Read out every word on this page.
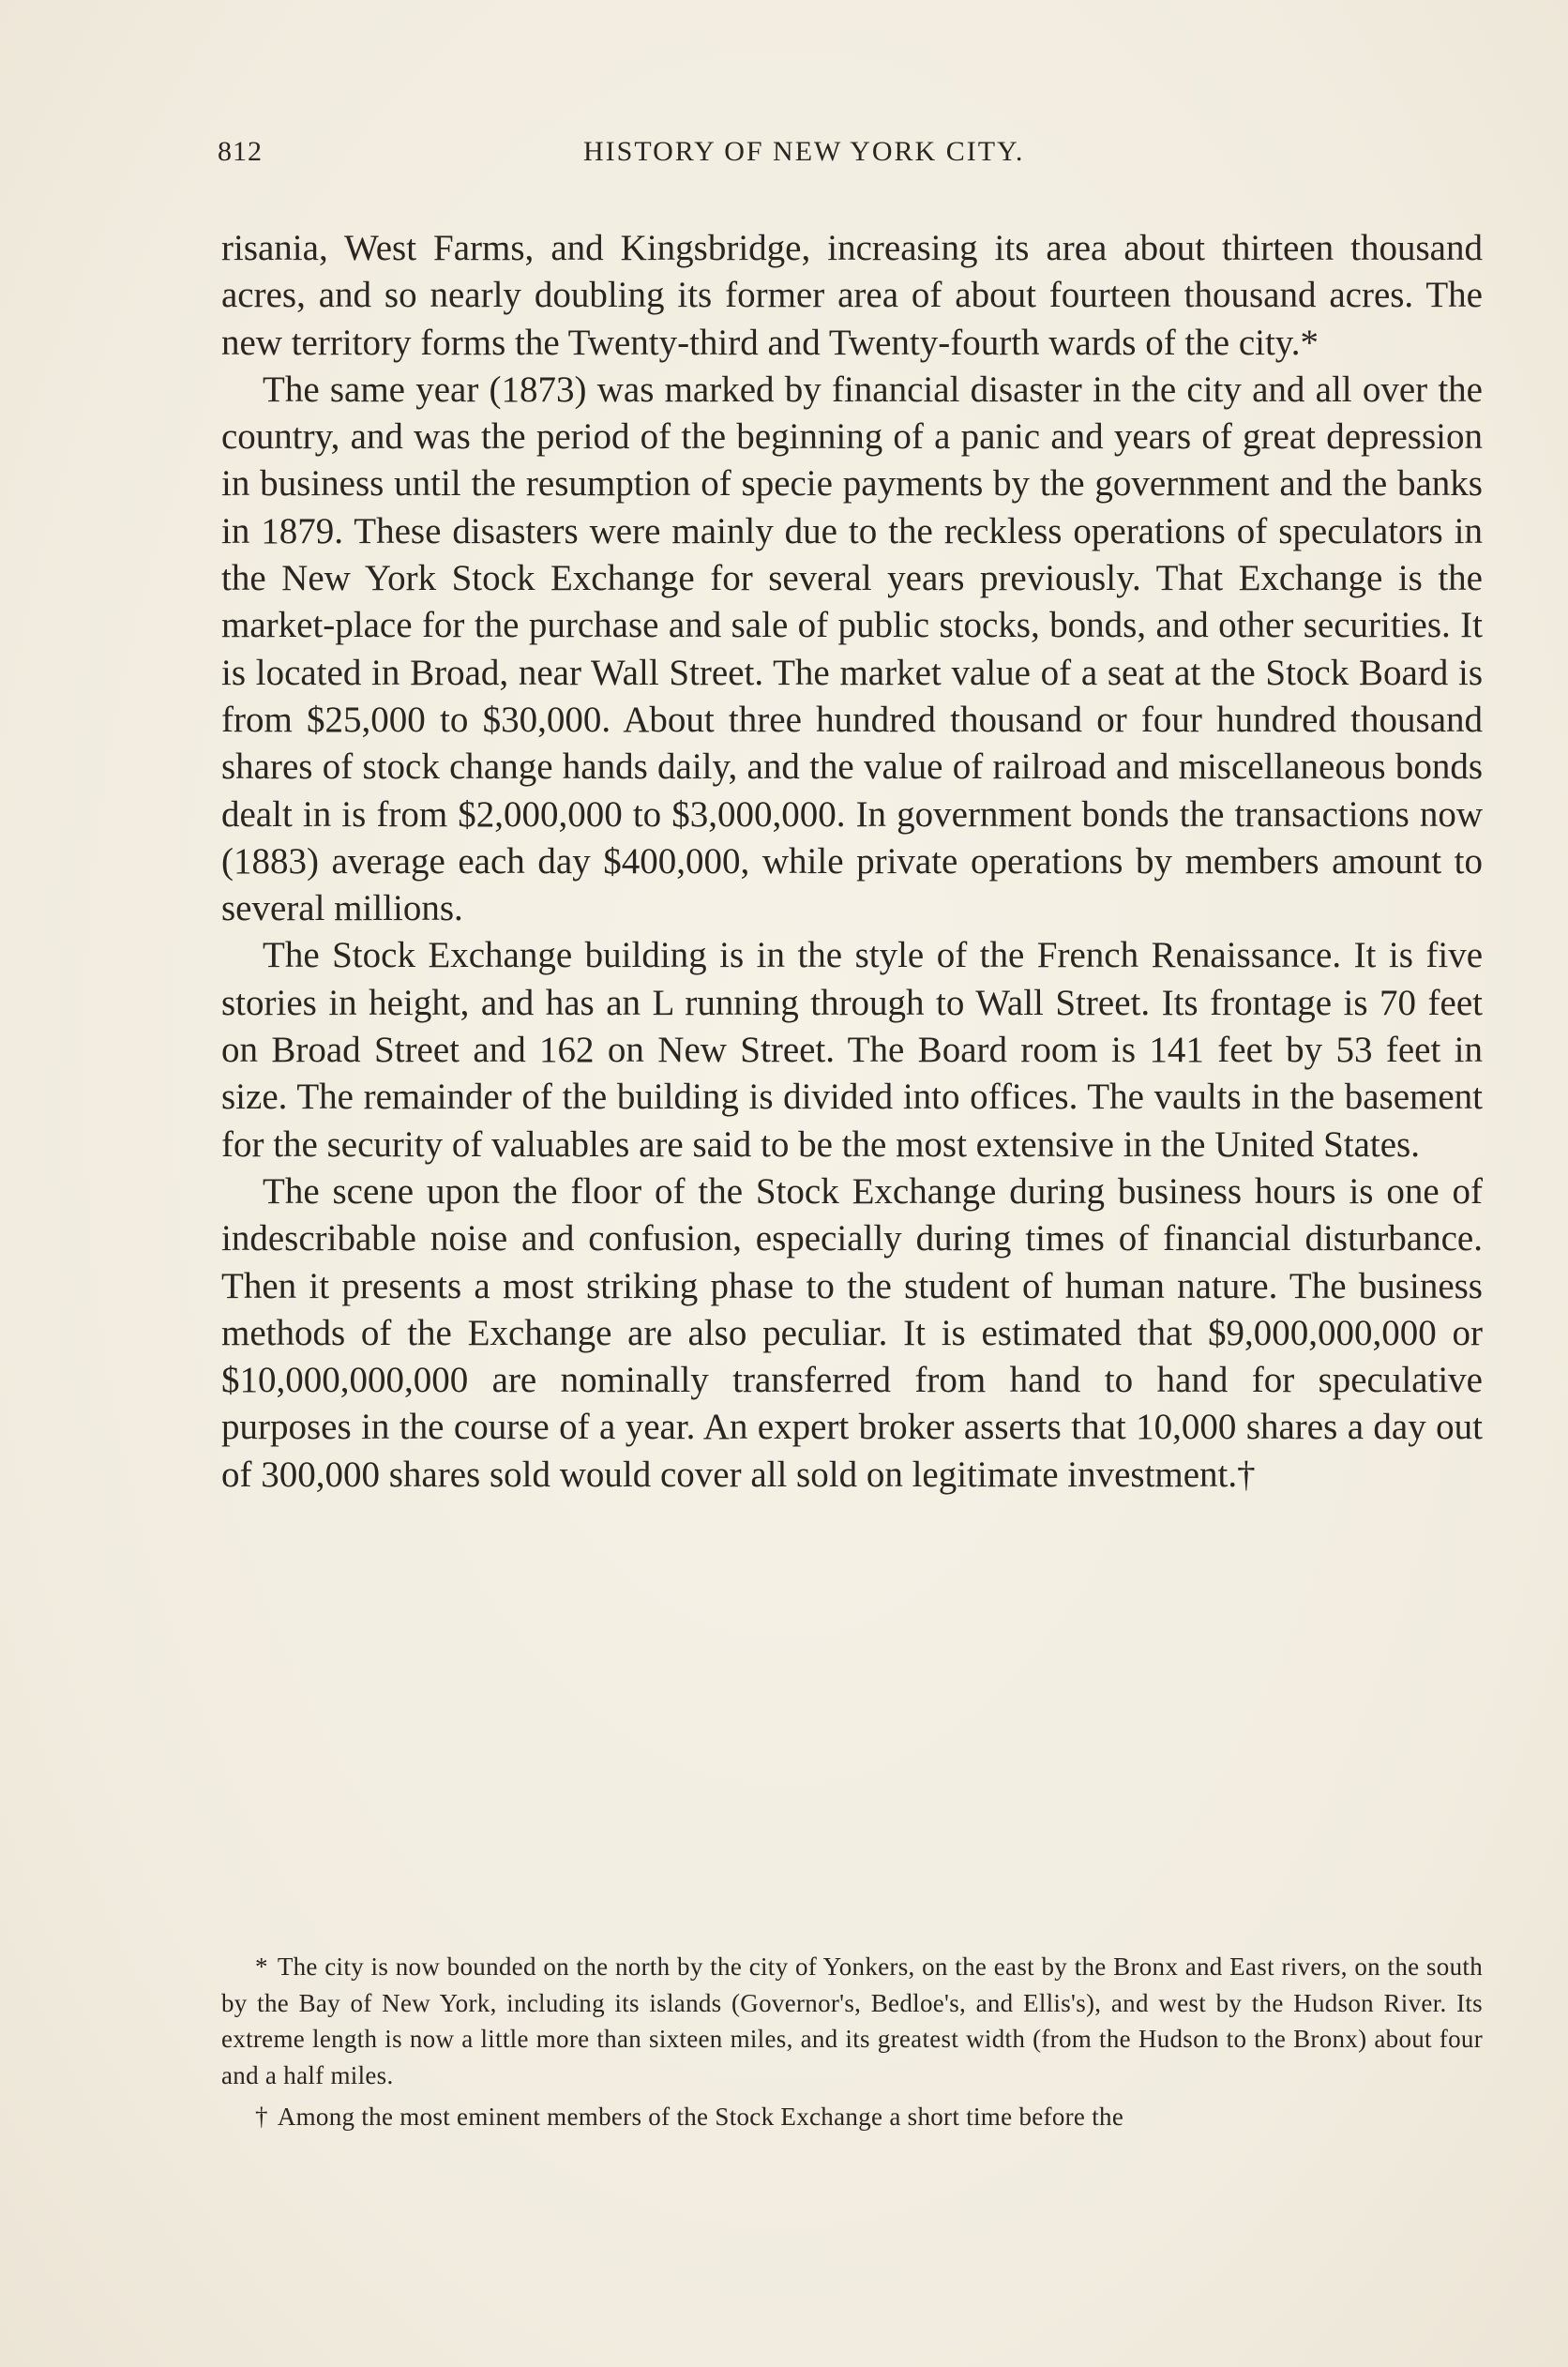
812	HISTORY OF NEW YORK CITY.

risania, West Farms, and Kingsbridge, increasing its area about thirteen thousand acres, and so nearly doubling its former area of about fourteen thousand acres. The new territory forms the Twenty-third and Twenty-fourth wards of the city.*

The same year (1873) was marked by financial disaster in the city and all over the country, and was the period of the beginning of a panic and years of great depression in business until the resumption of specie payments by the government and the banks in 1879. These disasters were mainly due to the reckless operations of speculators in the New York Stock Exchange for several years previously. That Exchange is the market-place for the purchase and sale of public stocks, bonds, and other securities. It is located in Broad, near Wall Street. The market value of a seat at the Stock Board is from $25,000 to $30,000. About three hundred thousand or four hundred thousand shares of stock change hands daily, and the value of railroad and miscellaneous bonds dealt in is from $2,000,000 to $3,000,000. In government bonds the transactions now (1883) average each day $400,000, while private operations by members amount to several millions.

The Stock Exchange building is in the style of the French Renaissance. It is five stories in height, and has an L running through to Wall Street. Its frontage is 70 feet on Broad Street and 162 on New Street. The Board room is 141 feet by 53 feet in size. The remainder of the building is divided into offices. The vaults in the basement for the security of valuables are said to be the most extensive in the United States.

The scene upon the floor of the Stock Exchange during business hours is one of indescribable noise and confusion, especially during times of financial disturbance. Then it presents a most striking phase to the student of human nature. The business methods of the Exchange are also peculiar. It is estimated that $9,000,000,000 or $10,000,000,000 are nominally transferred from hand to hand for speculative purposes in the course of a year. An expert broker asserts that 10,000 shares a day out of 300,000 shares sold would cover all sold on legitimate investment.†

* The city is now bounded on the north by the city of Yonkers, on the east by the Bronx and East rivers, on the south by the Bay of New York, including its islands (Governor's, Bedloe's, and Ellis's), and west by the Hudson River. Its extreme length is now a little more than sixteen miles, and its greatest width (from the Hudson to the Bronx) about four and a half miles.

† Among the most eminent members of the Stock Exchange a short time before the
